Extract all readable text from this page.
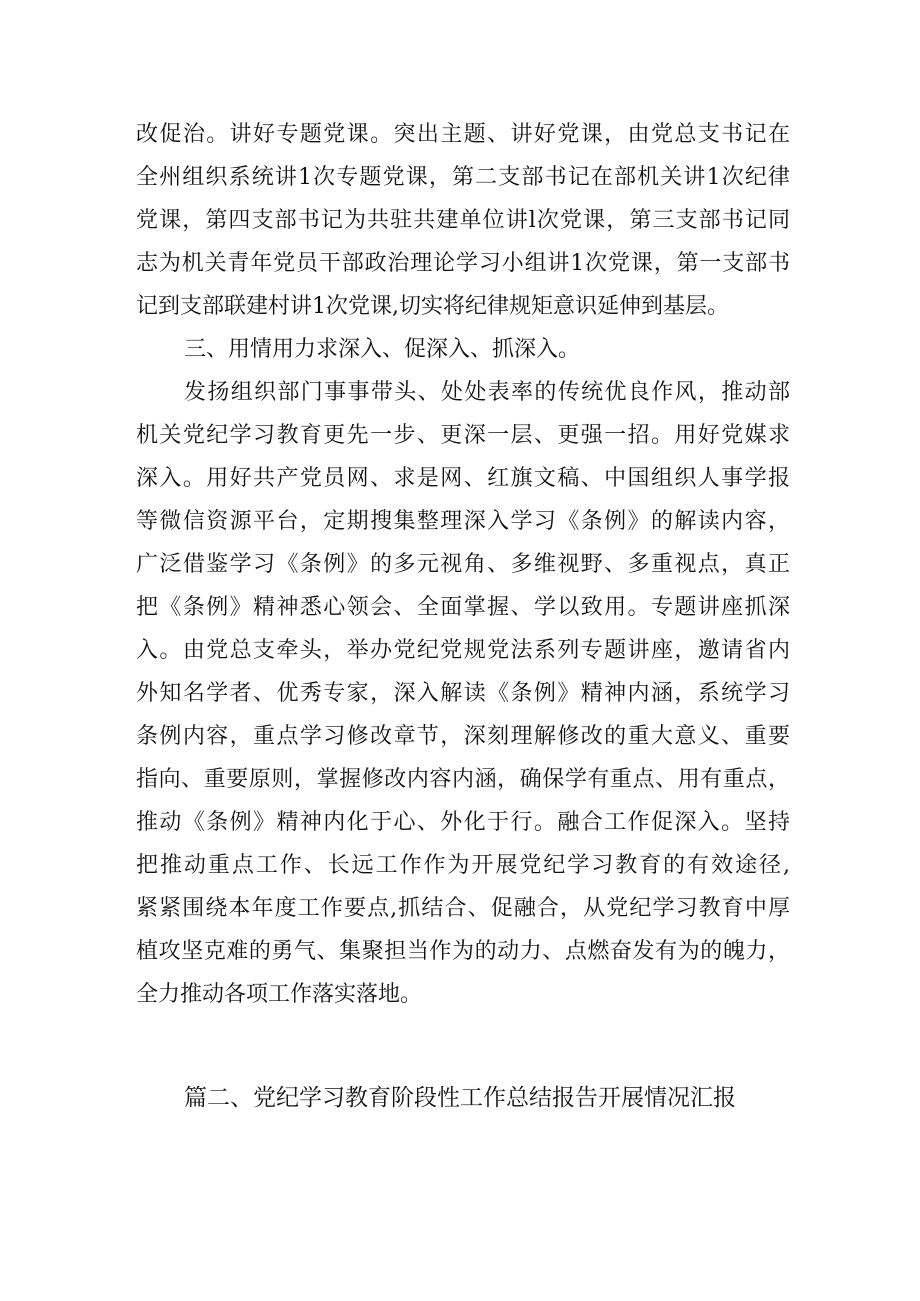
改促治。讲好专题党课。突出主题、讲好党课，由党总支书记在
全州组织系统讲1次专题党课，第二支部书记在部机关讲1次纪律
党课，第四支部书记为共驻共建单位讲l次党课，第三支部书记同
志为机关青年党员干部政治理论学习小组讲1次党课，第一支部书
记到支部联建村讲1次党课,切实将纪律规矩意识延伸到基层。
三、用情用力求深入、促深入、抓深入。
发扬组织部门事事带头、处处表率的传统优良作风，推动部
机关党纪学习教育更先一步、更深一层、更强一招。用好党媒求
深入。用好共产党员网、求是网、红旗文稿、中国组织人事学报
等微信资源平台，定期搜集整理深入学习《条例》的解读内容，
广泛借鉴学习《条例》的多元视角、多维视野、多重视点，真正
把《条例》精神悉心领会、全面掌握、学以致用。专题讲座抓深
入。由党总支牵头，举办党纪党规党法系列专题讲座，邀请省内
外知名学者、优秀专家，深入解读《条例》精神内涵，系统学习
条例内容，重点学习修改章节，深刻理解修改的重大意义、重要
指向、重要原则，掌握修改内容内涵，确保学有重点、用有重点，
推动《条例》精神内化于心、外化于行。融合工作促深入。坚持
把推动重点工作、长远工作作为开展党纪学习教育的有效途径,
紧紧围绕本年度工作要点,抓结合、促融合，从党纪学习教育中厚
植攻坚克难的勇气、集聚担当作为的动力、点燃奋发有为的魄力，
全力推动各项工作落实落地。
篇二、党纪学习教育阶段性工作总结报告开展情况汇报
